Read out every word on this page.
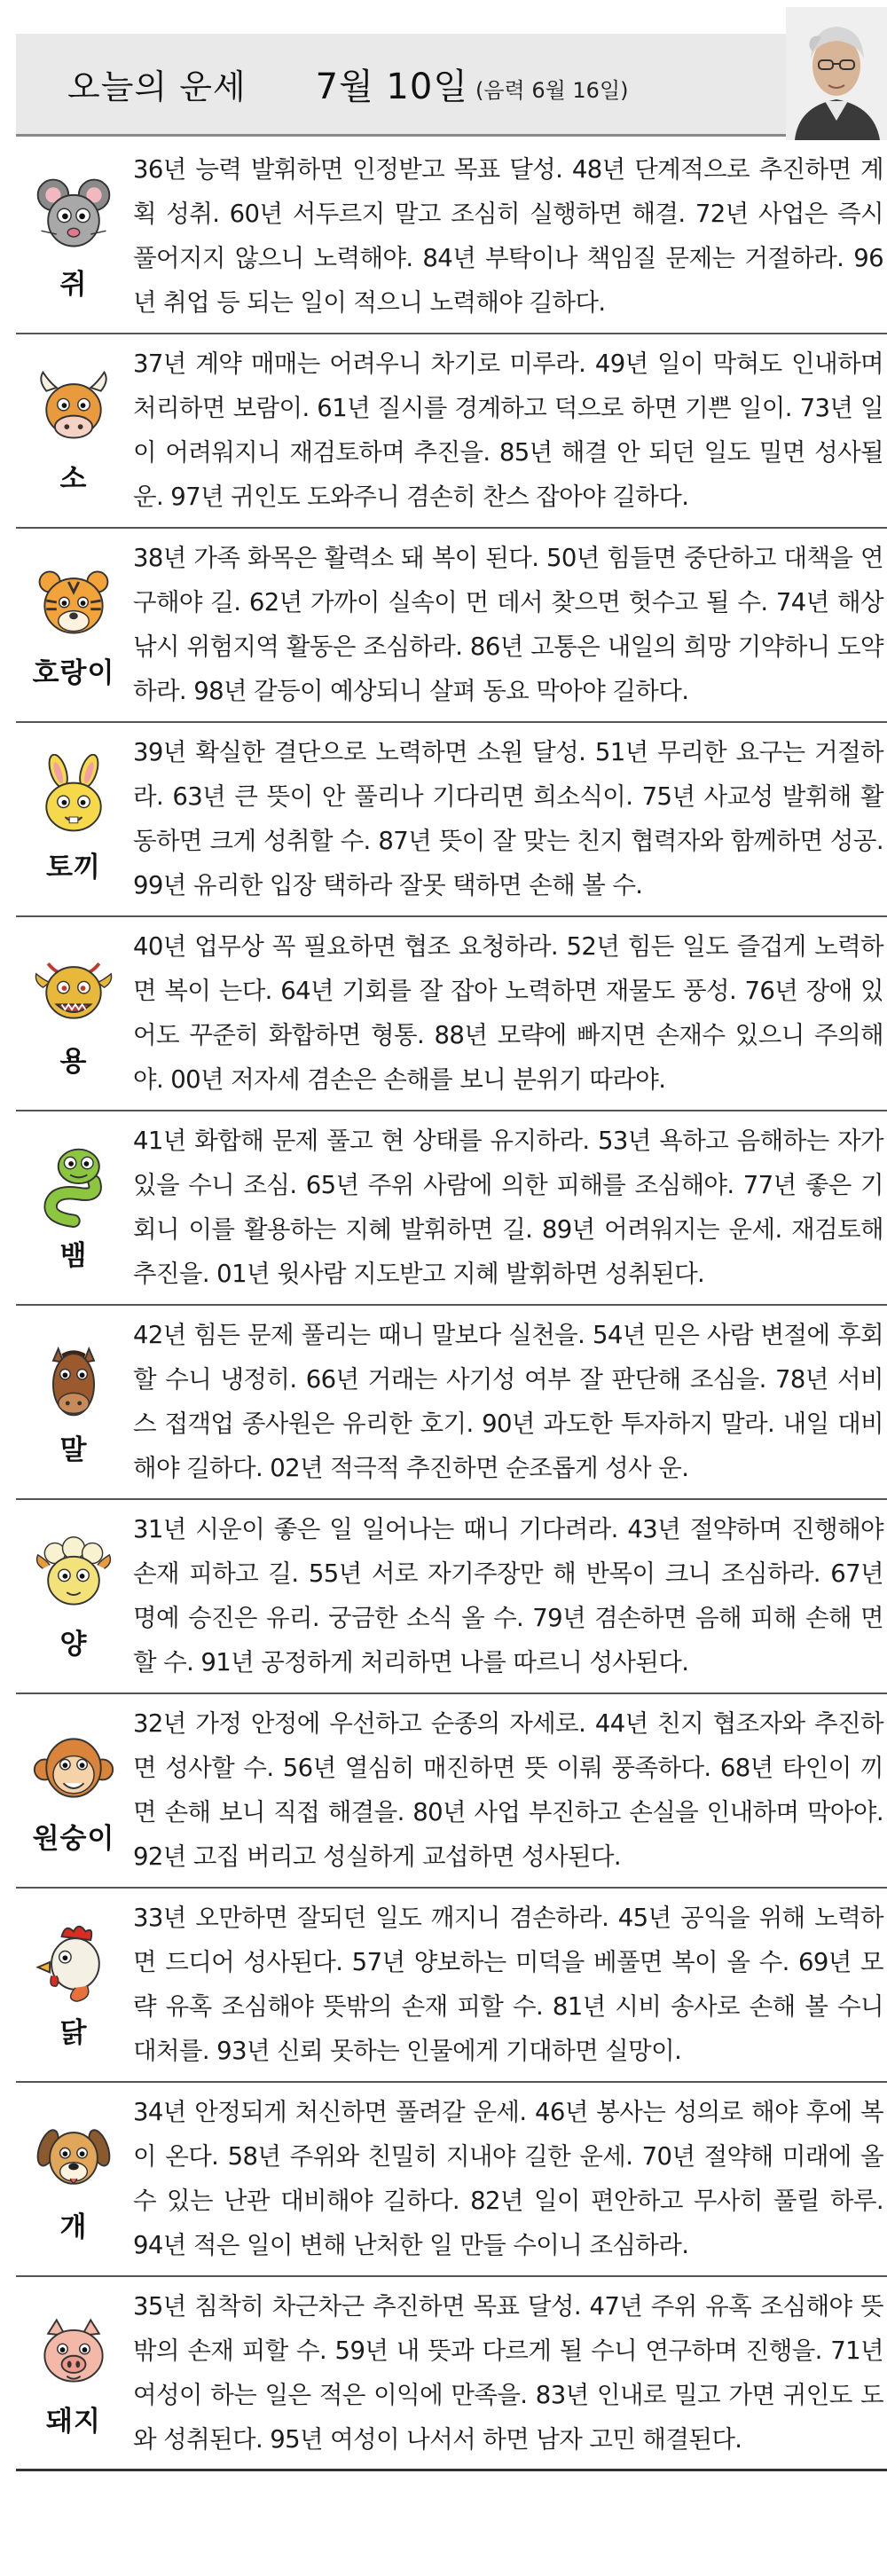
오늘의 운세 7월 10일 (음력 6월 16일)
쥐

36년 능력 발휘하면 인정받고 목표 달성. 48년 단계적으로 추진하면 계획 성취. 60년 서두르지 말고 조심히 실행하면 해결. 72년 사업은 즉시 풀어지지 않으니 노력해야. 84년 부탁이나 책임질 문제는 거절하라. 96년 취업 등 되는 일이 적으니 노력해야 길하다.

소

37년 계약 매매는 어려우니 차기로 미루라. 49년 일이 막혀도 인내하며 처리하면 보람이. 61년 질시를 경계하고 덕으로 하면 기쁜 일이. 73년 일이 어려워지니 재검토하며 추진을. 85년 해결 안 되던 일도 밀면 성사될 운. 97년 귀인도 도와주니 겸손히 찬스 잡아야 길하다.

호랑이

38년 가족 화목은 활력소 돼 복이 된다. 50년 힘들면 중단하고 대책을 연구해야 길. 62년 가까이 실속이 먼 데서 찾으면 헛수고 될 수. 74년 해상 낚시 위험지역 활동은 조심하라. 86년 고통은 내일의 희망 기약하니 도약하라. 98년 갈등이 예상되니 살펴 동요 막아야 길하다.

토끼

39년 확실한 결단으로 노력하면 소원 달성. 51년 무리한 요구는 거절하라. 63년 큰 뜻이 안 풀리나 기다리면 희소식이. 75년 사교성 발휘해 활동하면 크게 성취할 수. 87년 뜻이 잘 맞는 친지 협력자와 함께하면 성공. 99년 유리한 입장 택하라 잘못 택하면 손해 볼 수.

용

40년 업무상 꼭 필요하면 협조 요청하라. 52년 힘든 일도 즐겁게 노력하면 복이 는다. 64년 기회를 잘 잡아 노력하면 재물도 풍성. 76년 장애 있어도 꾸준히 화합하면 형통. 88년 모략에 빠지면 손재수 있으니 주의해야. 00년 저자세 겸손은 손해를 보니 분위기 따라야.

뱀

41년 화합해 문제 풀고 현 상태를 유지하라. 53년 욕하고 음해하는 자가 있을 수니 조심. 65년 주위 사람에 의한 피해를 조심해야. 77년 좋은 기회니 이를 활용하는 지혜 발휘하면 길. 89년 어려워지는 운세. 재검토해 추진을. 01년 윗사람 지도받고 지혜 발휘하면 성취된다.

말

42년 힘든 문제 풀리는 때니 말보다 실천을. 54년 믿은 사람 변절에 후회할 수니 냉정히. 66년 거래는 사기성 여부 잘 판단해 조심을. 78년 서비스 접객업 종사원은 유리한 호기. 90년 과도한 투자하지 말라. 내일 대비해야 길하다. 02년 적극적 추진하면 순조롭게 성사 운.

양

31년 시운이 좋은 일 일어나는 때니 기다려라. 43년 절약하며 진행해야 손재 피하고 길. 55년 서로 자기주장만 해 반목이 크니 조심하라. 67년 명예 승진은 유리. 궁금한 소식 올 수. 79년 겸손하면 음해 피해 손해 면할 수. 91년 공정하게 처리하면 나를 따르니 성사된다.

원숭이

32년 가정 안정에 우선하고 순종의 자세로. 44년 친지 협조자와 추진하면 성사할 수. 56년 열심히 매진하면 뜻 이뤄 풍족하다. 68년 타인이 끼면 손해 보니 직접 해결을. 80년 사업 부진하고 손실을 인내하며 막아야. 92년 고집 버리고 성실하게 교섭하면 성사된다.

닭

33년 오만하면 잘되던 일도 깨지니 겸손하라. 45년 공익을 위해 노력하면 드디어 성사된다. 57년 양보하는 미덕을 베풀면 복이 올 수. 69년 모략 유혹 조심해야 뜻밖의 손재 피할 수. 81년 시비 송사로 손해 볼 수니 대처를. 93년 신뢰 못하는 인물에게 기대하면 실망이.

개

34년 안정되게 처신하면 풀려갈 운세. 46년 봉사는 성의로 해야 후에 복이 온다. 58년 주위와 친밀히 지내야 길한 운세. 70년 절약해 미래에 올 수 있는 난관 대비해야 길하다. 82년 일이 편안하고 무사히 풀릴 하루. 94년 적은 일이 변해 난처한 일 만들 수이니 조심하라.

돼지

35년 침착히 차근차근 추진하면 목표 달성. 47년 주위 유혹 조심해야 뜻밖의 손재 피할 수. 59년 내 뜻과 다르게 될 수니 연구하며 진행을. 71년 여성이 하는 일은 적은 이익에 만족을. 83년 인내로 밀고 가면 귀인도 도와 성취된다. 95년 여성이 나서서 하면 남자 고민 해결된다.
